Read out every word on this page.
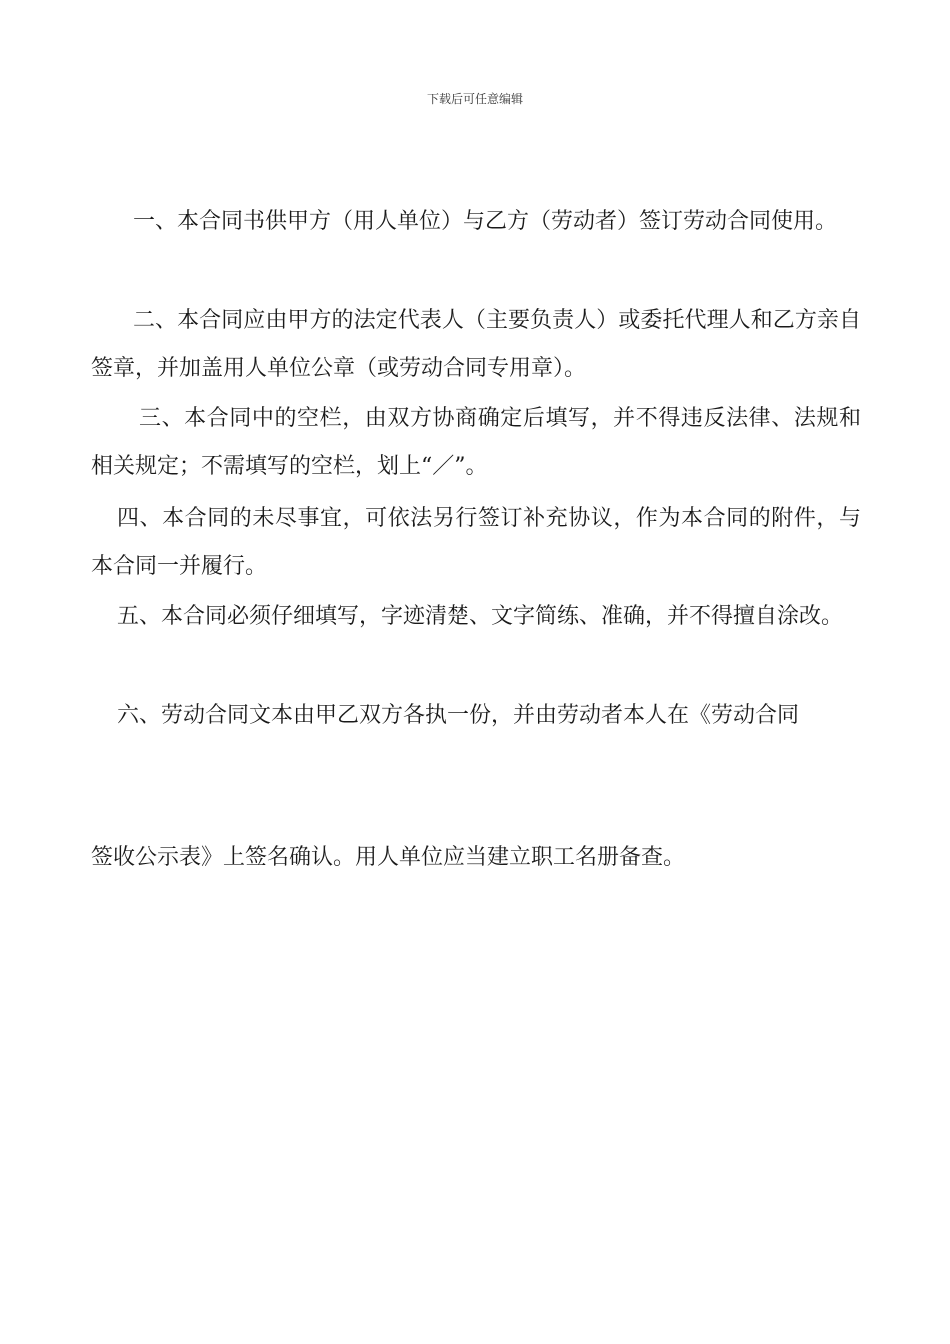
下载后可任意编辑

一、本合同书供甲方（用人单位）与乙方（劳动者）签订劳动合同使用。

二、本合同应由甲方的法定代表人（主要负责人）或委托代理人和乙方亲自签章，并加盖用人单位公章（或劳动合同专用章）。

三、本合同中的空栏，由双方协商确定后填写，并不得违反法律、法规和相关规定；不需填写的空栏，划上“／”。

四、本合同的未尽事宜，可依法另行签订补充协议，作为本合同的附件，与本合同一并履行。

五、本合同必须仔细填写，字迹清楚、文字简练、准确，并不得擅自涂改。

六、劳动合同文本由甲乙双方各执一份，并由劳动者本人在《劳动合同

签收公示表》上签名确认。用人单位应当建立职工名册备查。
